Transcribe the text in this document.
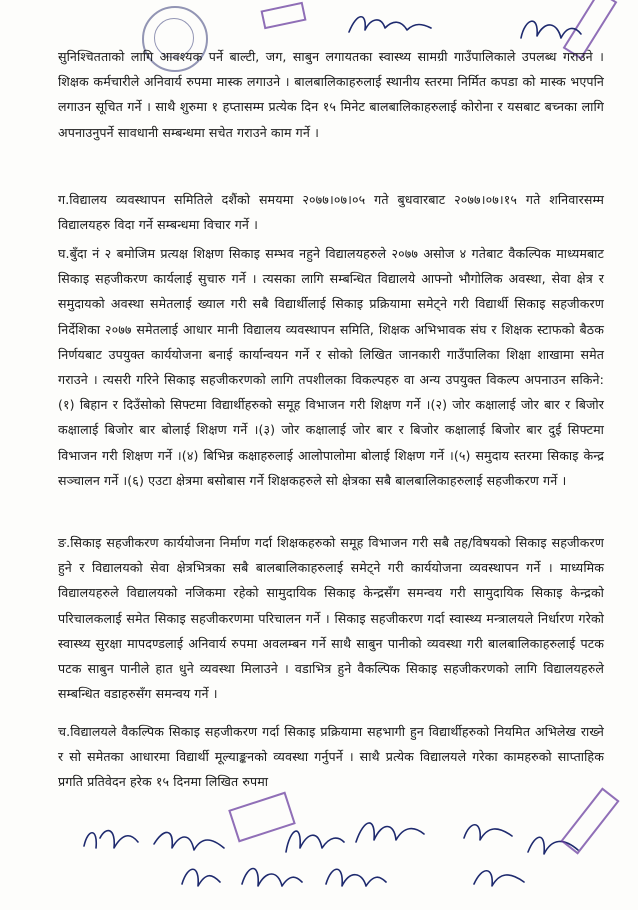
सुनिश्चितताको लागि आवश्यक पर्ने बाल्टी, जग, साबुन लगायतका स्वास्थ्य सामग्री गाउँपालिकाले उपलब्ध गराउने ।शिक्षक कर्मचारीले अनिवार्य रुपमा मास्क लगाउने । बालबालिकाहरुलाई स्थानीय स्तरमा निर्मित कपडा को मास्क भएपनि लगाउन सूचित गर्ने । साथै शुरुमा १ हप्तासम्म प्रत्येक दिन १५ मिनेट बालबालिकाहरुलाई कोरोना र यसबाट बच्नका लागि अपनाउनुपर्ने सावधानी सम्बन्धमा सचेत गराउने काम गर्ने ।

ग.विद्यालय व्यवस्थापन समितिले दशैंको समयमा २०७७।०७।०५ गते बुधवारबाट २०७७।०७।१५ गते शनिवारसम्म विद्यालयहरु विदा गर्ने सम्बन्धमा विचार गर्ने ।

घ.बुँदा नं २ बमोजिम प्रत्यक्ष शिक्षण सिकाइ सम्भव नहुने विद्यालयहरुले २०७७ असोज ४ गतेबाट वैकल्पिक माध्यमबाट सिकाइ सहजीकरण कार्यलाई सुचारु गर्ने । त्यसका लागि सम्बन्धित विद्यालये आफ्नो भौगोलिक अवस्था, सेवा क्षेत्र र समुदायको अवस्था समेतलाई ख्याल गरी सबै विद्यार्थीलाई सिकाइ प्रक्रियामा समेट्ने गरी विद्यार्थी सिकाइ सहजीकरण निर्देशिका २०७७ समेतलाई आधार मानी विद्यालय व्यवस्थापन समिति, शिक्षक अभिभावक संघ र शिक्षक स्टाफको बैठक निर्णयबाट उपयुक्त कार्ययोजना बनाई कार्यान्वयन गर्ने र सोको लिखित जानकारी गाउँपालिका शिक्षा शाखामा समेत गराउने । त्यसरी गरिने सिकाइ सहजीकरणको लागि तपशीलका विकल्पहरु वा अन्य उपयुक्त विकल्प अपनाउन सकिने: (१) बिहान र दिउँसोको सिफ्टमा विद्यार्थीहरुको समूह विभाजन गरी शिक्षण गर्ने ।(२) जोर कक्षालाई जोर बार र बिजोर कक्षालाई बिजोर बार बोलाई शिक्षण गर्ने ।(३) जोर कक्षालाई जोर बार र बिजोर कक्षालाई बिजोर बार दुई सिफ्टमा विभाजन गरी शिक्षण गर्ने ।(४) बिभिन्न कक्षाहरुलाई आलोपालोमा बोलाई शिक्षण गर्ने ।(५) समुदाय स्तरमा सिकाइ केन्द्र सञ्चालन गर्ने ।(६) एउटा क्षेत्रमा बसोबास गर्ने शिक्षकहरुले सो क्षेत्रका सबै बालबालिकाहरुलाई सहजीकरण गर्ने ।

ङ.सिकाइ सहजीकरण कार्ययोजना निर्माण गर्दा शिक्षकहरुको समूह विभाजन गरी सबै तह/विषयको सिकाइ सहजीकरण हुने र विद्यालयको सेवा क्षेत्रभित्रका सबै बालबालिकाहरुलाई समेट्ने गरी कार्ययोजना व्यवस्थापन गर्ने । माध्यमिक विद्यालयहरुले विद्यालयको नजिकमा रहेको सामुदायिक सिकाइ केन्द्रसँग समन्वय गरी सामुदायिक सिकाइ केन्द्रको परिचालकलाई समेत सिकाइ सहजीकरणमा परिचालन गर्ने । सिकाइ सहजीकरण गर्दा स्वास्थ्य मन्त्रालयले निर्धारण गरेको स्वास्थ्य सुरक्षा मापदण्डलाई अनिवार्य रुपमा अवलम्बन गर्ने साथै साबुन पानीको व्यवस्था गरी बालबालिकाहरुलाई पटक पटक साबुन पानीले हात धुने व्यवस्था मिलाउने । वडाभित्र हुने वैकल्पिक सिकाइ सहजीकरणको लागि विद्यालयहरुले सम्बन्धित वडाहरुसँग समन्वय गर्ने ।

च.विद्यालयले वैकल्पिक सिकाइ सहजीकरण गर्दा सिकाइ प्रक्रियामा सहभागी हुन विद्यार्थीहरुको नियमित अभिलेख राख्ने र सो समेतका आधारमा विद्यार्थी मूल्याङ्कनको व्यवस्था गर्नुपर्ने । साथै प्रत्येक विद्यालयले गरेका कामहरुको साप्ताहिक प्रगति प्रतिवेदन हरेक १५ दिनमा लिखित रुपमा
